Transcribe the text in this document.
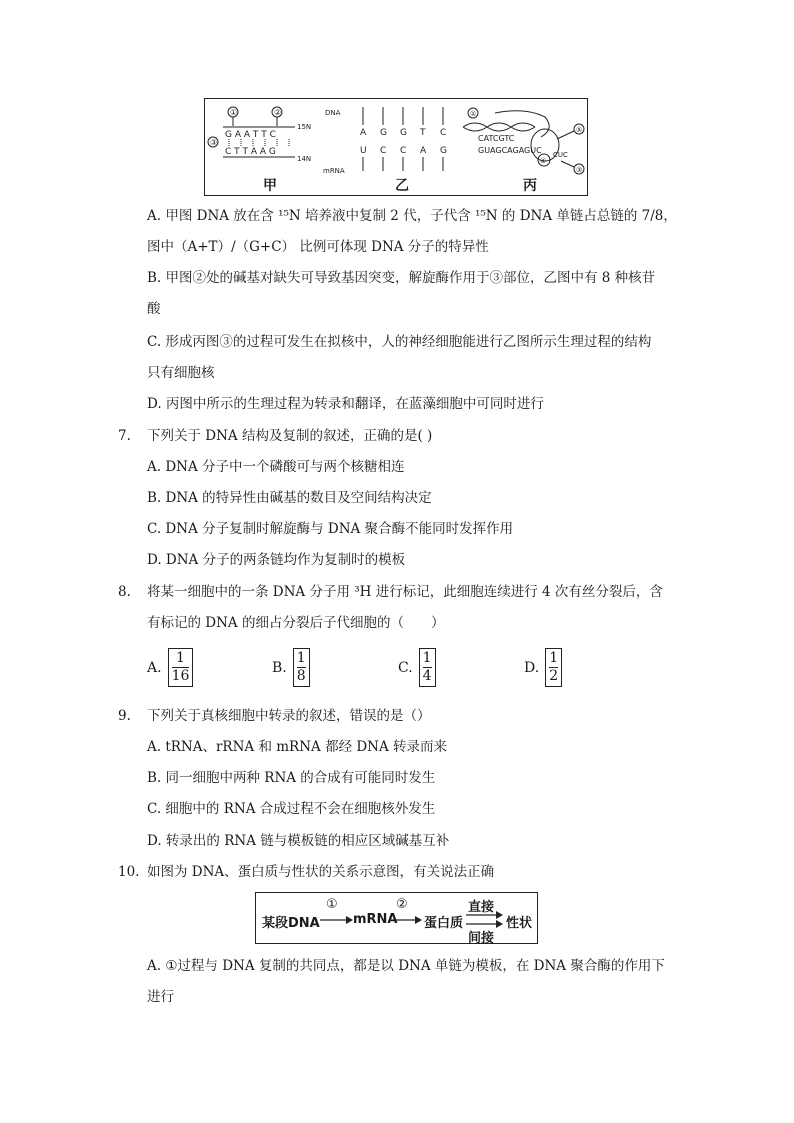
①	②
③
G A A T T C
C T T A A G
15N
14N
DNA
mRNA
A G G T C
U C C A G
①
CATCGTC
GUAGCAGAGUC
④
CUC
⑤
③
甲	乙	丙
A. 甲图 DNA 放在含 ¹⁵N 培养液中复制 2 代，子代含 ¹⁵N 的 DNA 单链占总链的 7/8，
图中（A+T）/（G+C） 比例可体现 DNA 分子的特异性
B. 甲图②处的碱基对缺失可导致基因突变，解旋酶作用于③部位，乙图中有 8 种核苷
酸
C. 形成丙图③的过程可发生在拟核中，人的神经细胞能进行乙图所示生理过程的结构
只有细胞核
D. 丙图中所示的生理过程为转录和翻译，在蓝藻细胞中可同时进行
7. 下列关于 DNA 结构及复制的叙述，正确的是( )
A. DNA 分子中一个磷酸可与两个核糖相连
B. DNA 的特异性由碱基的数目及空间结构决定
C. DNA 分子复制时解旋酶与 DNA 聚合酶不能同时发挥作用
D. DNA 分子的两条链均作为复制时的模板
8. 将某一细胞中的一条 DNA 分子用 ³H 进行标记，此细胞连续进行 4 次有丝分裂后，含
有标记的 DNA 的细占分裂后子代细胞的（　　）
A. $\frac{1}{16}$	B. $\frac{1}{8}$	C. $\frac{1}{4}$	D. $\frac{1}{2}$
9. 下列关于真核细胞中转录的叙述，错误的是（）
A. tRNA、rRNA 和 mRNA 都经 DNA 转录而来
B. 同一细胞中两种 RNA 的合成有可能同时发生
C. 细胞中的 RNA 合成过程不会在细胞核外发生
D. 转录出的 RNA 链与模板链的相应区域碱基互补
10. 如图为 DNA、蛋白质与性状的关系示意图，有关说法正确
某段DNA
①
mRNA
②
蛋白质
直接
间接
性状
A. ①过程与 DNA 复制的共同点，都是以 DNA 单链为模板，在 DNA 聚合酶的作用下
进行
